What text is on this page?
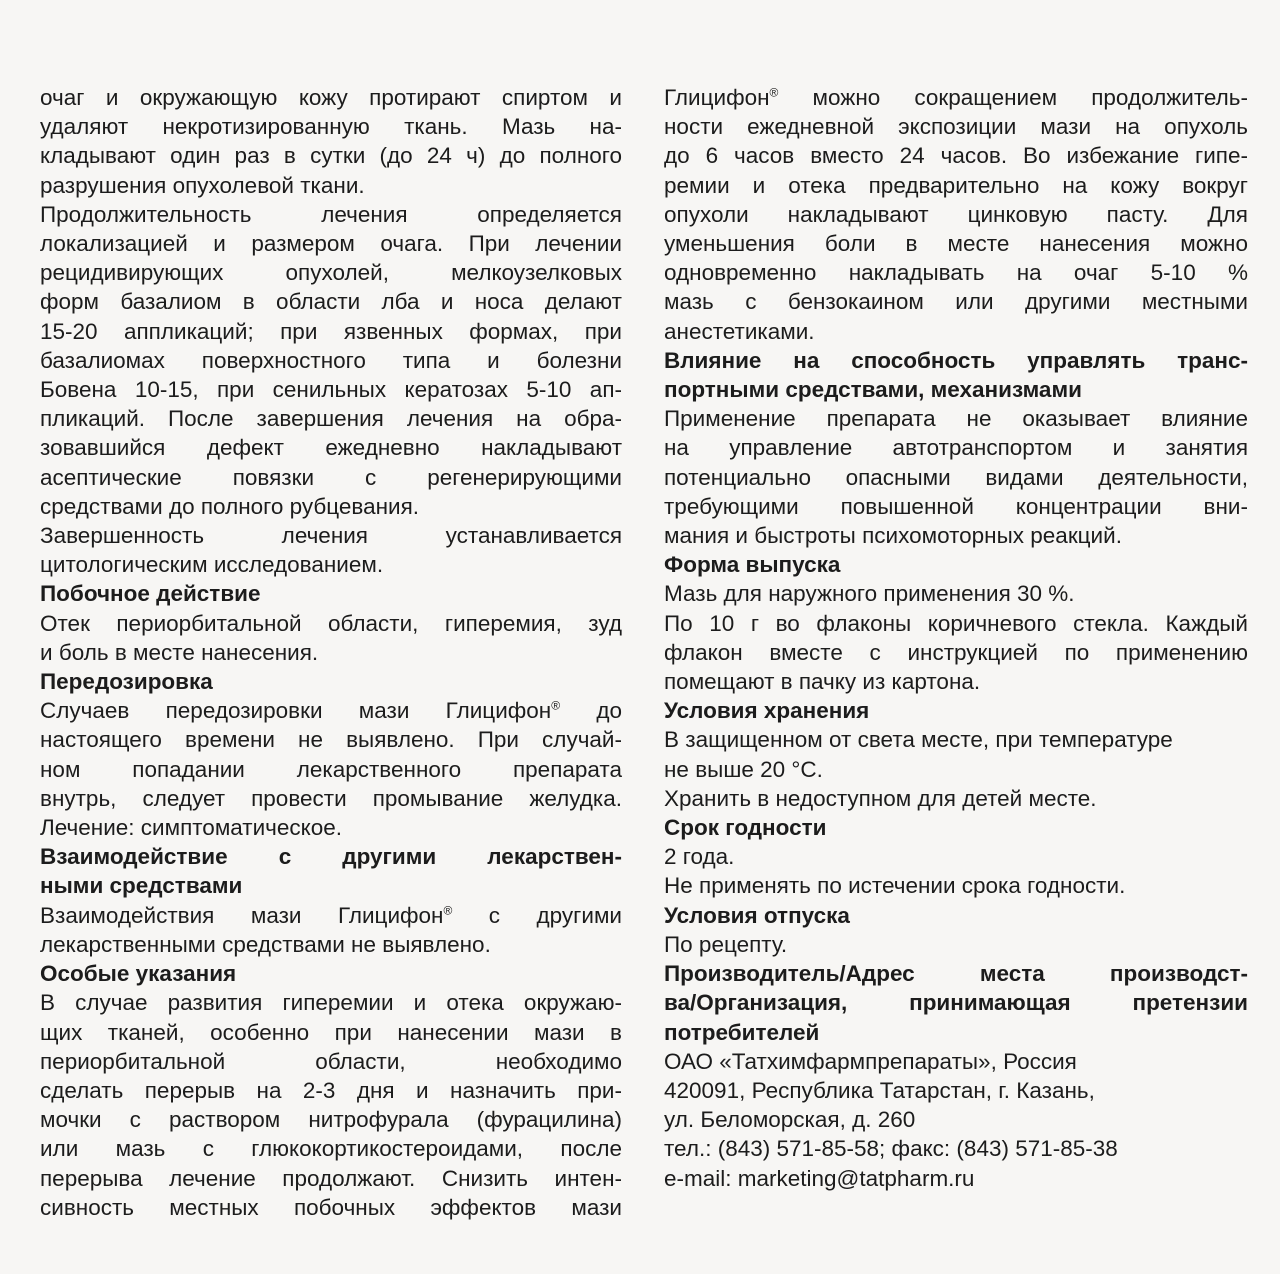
очаг и окружающую кожу протирают спиртом и
удаляют некротизированную ткань. Мазь на-
кладывают один раз в сутки (до 24 ч) до полного
разрушения опухолевой ткани.
Продолжительность лечения определяется
локализацией и размером очага. При лечении
рецидивирующих опухолей, мелкоузелковых
форм базалиом в области лба и носа делают
15-20 аппликаций; при язвенных формах, при
базалиомах поверхностного типа и болезни
Бовена 10-15, при сенильных кератозах 5-10 ап-
пликаций. После завершения лечения на обра-
зовавшийся дефект ежедневно накладывают
асептические повязки с регенерирующими
средствами до полного рубцевания.
Завершенность лечения устанавливается
цитологическим исследованием.
Побочное действие
Отек периорбитальной области, гиперемия, зуд
и боль в месте нанесения.
Передозировка
Случаев передозировки мази Глицифон® до
настоящего времени не выявлено. При случай-
ном попадании лекарственного препарата
внутрь, следует провести промывание желудка.
Лечение: симптоматическое.
Взаимодействие с другими лекарствен-
ными средствами
Взаимодействия мази Глицифон® с другими
лекарственными средствами не выявлено.
Особые указания
В случае развития гиперемии и отека окружаю-
щих тканей, особенно при нанесении мази в
периорбитальной области, необходимо
сделать перерыв на 2-3 дня и назначить при-
мочки с раствором нитрофурала (фурацилина)
или мазь с глюкокортикостероидами, после
перерыва лечение продолжают. Снизить интен-
сивность местных побочных эффектов мази
Глицифон® можно сокращением продолжитель-
ности ежедневной экспозиции мази на опухоль
до 6 часов вместо 24 часов. Во избежание гипе-
ремии и отека предварительно на кожу вокруг
опухоли накладывают цинковую пасту. Для
уменьшения боли в месте нанесения можно
одновременно накладывать на очаг 5-10 %
мазь с бензокаином или другими местными
анестетиками.
Влияние на способность управлять транс-
портными средствами, механизмами
Применение препарата не оказывает влияние
на управление автотранспортом и занятия
потенциально опасными видами деятельности,
требующими повышенной концентрации вни-
мания и быстроты психомоторных реакций.
Форма выпуска
Мазь для наружного применения 30 %.
По 10 г во флаконы коричневого стекла. Каждый
флакон вместе с инструкцией по применению
помещают в пачку из картона.
Условия хранения
В защищенном от света месте, при температуре
не выше 20 °С.
Хранить в недоступном для детей месте.
Срок годности
2 года.
Не применять по истечении срока годности.
Условия отпуска
По рецепту.
Производитель/Адрес места производст-
ва/Организация, принимающая претензии
потребителей
ОАО «Татхимфармпрепараты», Россия
420091, Республика Татарстан, г. Казань,
ул. Беломорская, д. 260
тел.: (843) 571-85-58; факс: (843) 571-85-38
e-mail: marketing@tatpharm.ru
